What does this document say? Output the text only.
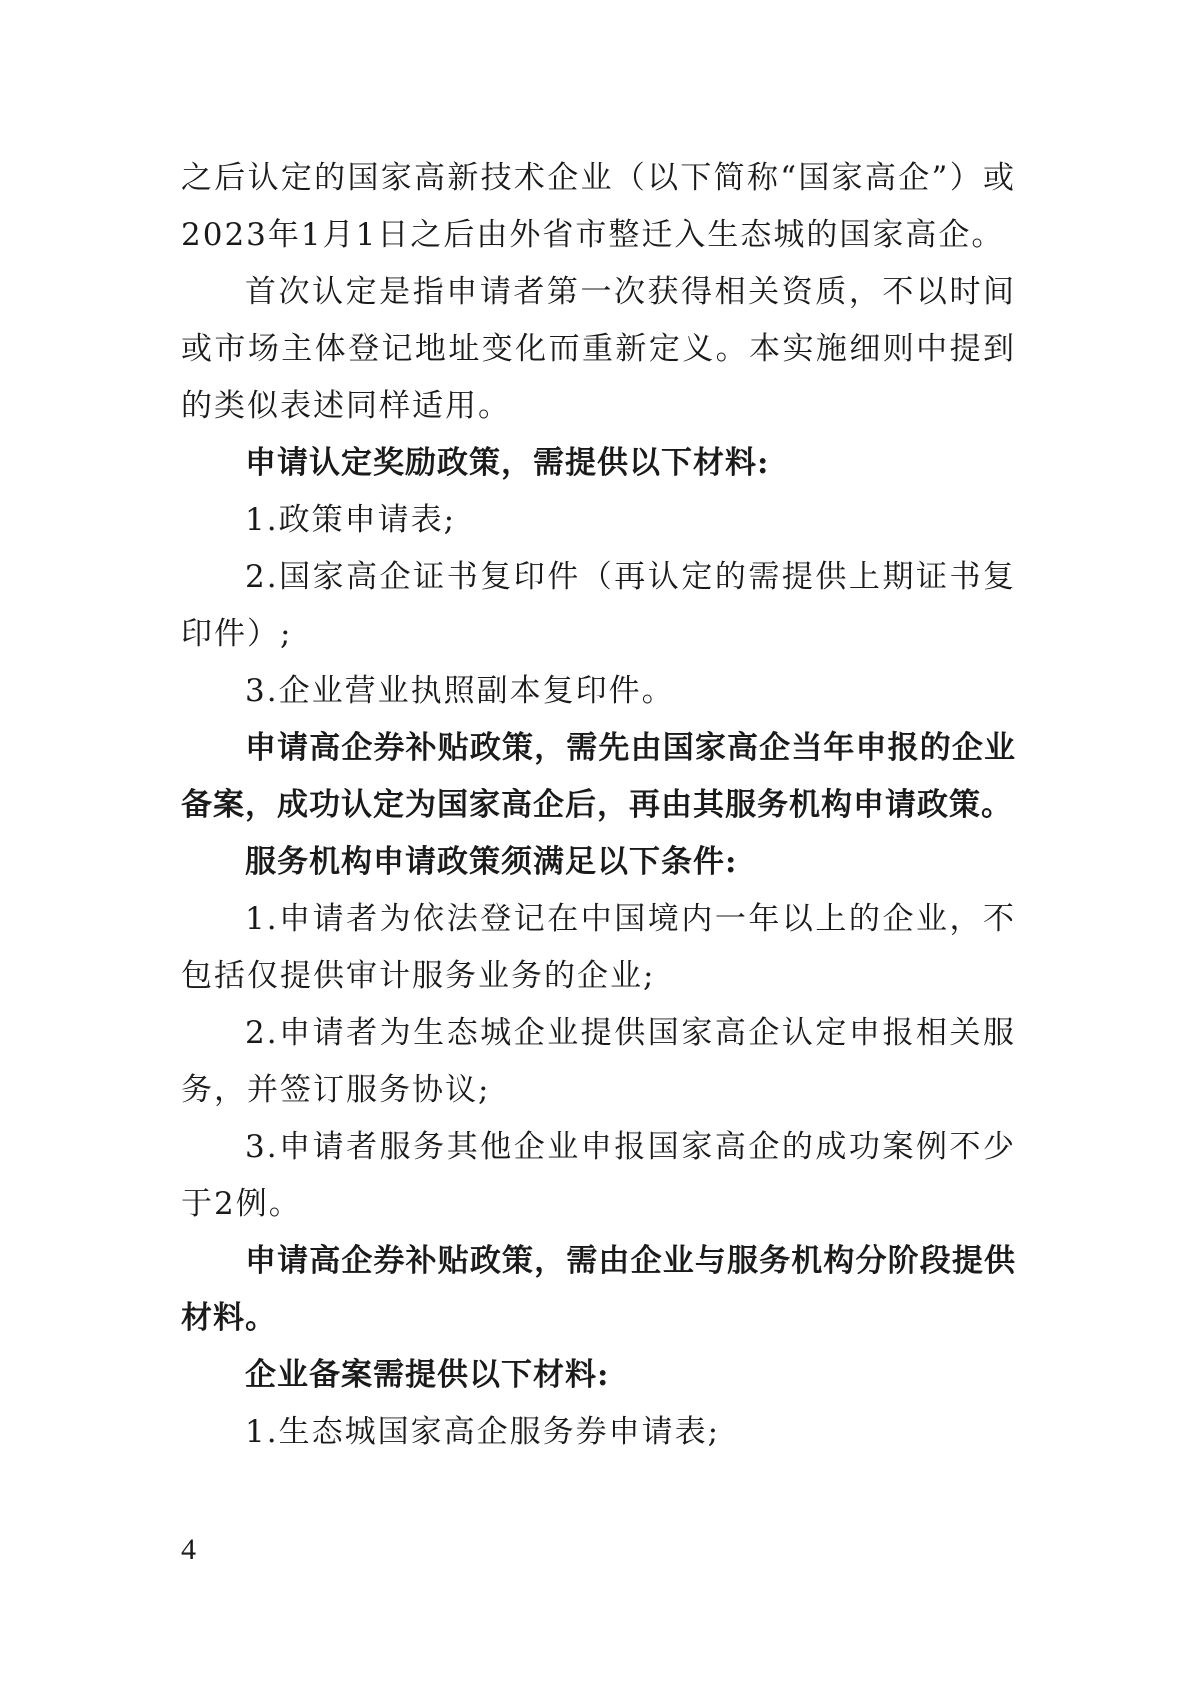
之后认定的国家高新技术企业（以下简称“国家高企”）或2023年1月1日之后由外省市整迁入生态城的国家高企。

首次认定是指申请者第一次获得相关资质，不以时间或市场主体登记地址变化而重新定义。本实施细则中提到的类似表述同样适用。

申请认定奖励政策，需提供以下材料:

1.政策申请表;

2.国家高企证书复印件（再认定的需提供上期证书复印件）;

3.企业营业执照副本复印件。

申请高企券补贴政策，需先由国家高企当年申报的企业备案，成功认定为国家高企后，再由其服务机构申请政策。

服务机构申请政策须满足以下条件:

1.申请者为依法登记在中国境内一年以上的企业，不包括仅提供审计服务业务的企业;

2.申请者为生态城企业提供国家高企认定申报相关服务，并签订服务协议;

3.申请者服务其他企业申报国家高企的成功案例不少于2例。

申请高企券补贴政策，需由企业与服务机构分阶段提供材料。

企业备案需提供以下材料:

1.生态城国家高企服务券申请表;

4
